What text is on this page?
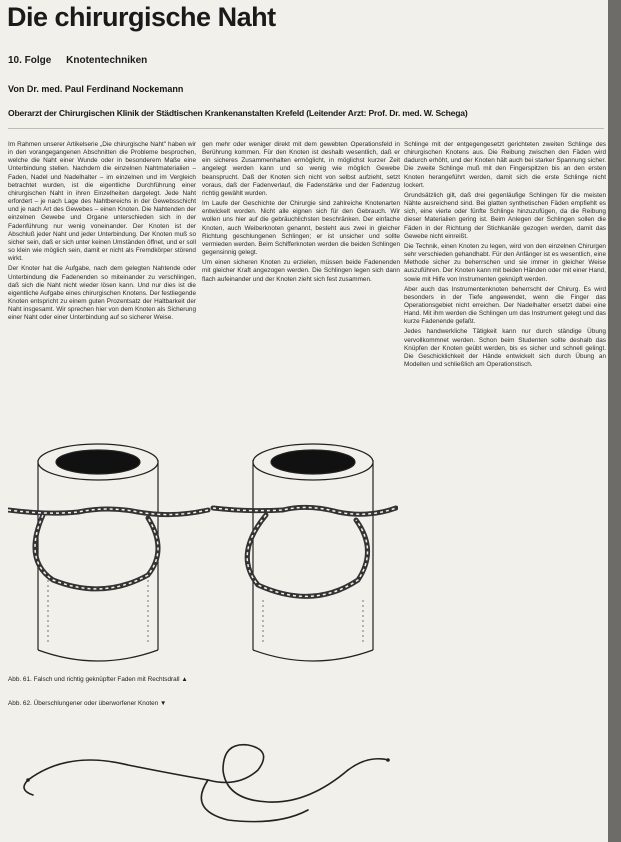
Die chirurgische Naht
10. Folge Knotentechniken
Von Dr. med. Paul Ferdinand Nockemann
Oberarzt der Chirurgischen Klinik der Städtischen Krankenanstalten Krefeld (Leitender Arzt: Prof. Dr. med. W. Schega)

Im Rahmen unserer Artikelserie „Die chirurgische Naht" haben wir in den vorangegangenen Abschnitten die Probleme besprochen, welche die Naht einer Wunde oder in besonderem Maße eine Unterbindung stellen. Nachdem die einzelnen Nahtmaterialien – Faden, Nadel und Nadelhalter – im einzelnen und im Vergleich betrachtet wurden, ist die eigentliche Durchführung einer chirurgischen Naht in ihren Einzelheiten dargelegt. Jede Naht erfordert – je nach Lage des Nahtbereichs in der Gewebsschicht und je nach Art des Gewebes – einen Knoten. Die Nahtenden der einzelnen Gewebe und Organe unterschieden sich in der Fadenführung nur wenig voneinander. Der Knoten ist der Abschluß jeder Naht und jeder Unterbindung. Der Knoten muß so sicher sein, daß er sich unter keinen Umständen öffnet, und er soll so klein wie möglich sein, damit er nicht als Fremdkörper störend wirkt.

Der Knoter hat die Aufgabe, nach dem gelegten Nahtende oder Unterbindung die Fadenenden so miteinander zu verschlingen, daß sich die Naht nicht wieder lösen kann. Und nur dies ist die eigentliche Aufgabe eines chirurgischen Knotens. Der festliegende Knoten entspricht zu einem guten Prozentsatz der Haltbarkeit der Naht insgesamt. Wir sprechen hier von dem Knoten als Sicherung einer Naht oder einer Unterbindung auf so sicherer Weise.

gen mehr oder weniger direkt mit dem gewebten Operationsfeld in Berührung kommen. Für den Knoten ist deshalb wesentlich, daß er ein sicheres Zusammenhalten ermöglicht, in möglichst kurzer Zeit angelegt werden kann und so wenig wie möglich Gewebe beansprucht. Daß der Knoten sich nicht von selbst aufzieht, setzt voraus, daß der Fadenverlauf, die Fadenstärke und der Fadenzug richtig gewählt wurden.

Im Laufe der Geschichte der Chirurgie sind zahlreiche Knotenarten entwickelt worden. Nicht alle eignen sich für den Gebrauch. Wir wollen uns hier auf die gebräuchlichsten beschränken. Der einfache Knoten, auch Weiberknoten genannt, besteht aus zwei in gleicher Richtung geschlungenen Schlingen; er ist unsicher und sollte vermieden werden. Beim Schifferknoten werden die beiden Schlingen gegensinnig gelegt.

Um einen sicheren Knoten zu erzielen, müssen beide Fadenenden mit gleicher Kraft angezogen werden. Die Schlingen legen sich dann flach aufeinander und der Knoten zieht sich fest zusammen.

Schlinge mit der entgegengesetzt gerichteten zweiten Schlinge des chirurgischen Knotens aus. Die Reibung zwischen den Fäden wird dadurch erhöht, und der Knoten hält auch bei starker Spannung sicher. Die zweite Schlinge muß mit den Fingerspitzen bis an den ersten Knoten herangeführt werden, damit sich die erste Schlinge nicht lockert.

Grundsätzlich gilt, daß drei gegenläufige Schlingen für die meisten Nähte ausreichend sind. Bei glatten synthetischen Fäden empfiehlt es sich, eine vierte oder fünfte Schlinge hinzuzufügen, da die Reibung dieser Materialien gering ist. Beim Anlegen der Schlingen sollen die Fäden in der Richtung der Stichkanäle gezogen werden, damit das Gewebe nicht einreißt.

Die Technik, einen Knoten zu legen, wird von den einzelnen Chirurgen sehr verschieden gehandhabt. Für den Anfänger ist es wesentlich, eine Methode sicher zu beherrschen und sie immer in gleicher Weise auszuführen. Der Knoten kann mit beiden Händen oder mit einer Hand, sowie mit Hilfe von Instrumenten geknüpft werden.

Aber auch das Instrumentenknoten beherrscht der Chirurg. Es wird besonders in der Tiefe angewendet, wenn die Finger das Operationsgebiet nicht erreichen. Der Nadelhalter ersetzt dabei eine Hand. Mit ihm werden die Schlingen um das Instrument gelegt und das kurze Fadenende gefaßt.

Jedes handwerkliche Tätigkeit kann nur durch ständige Übung vervollkommnet werden. Schon beim Studenten sollte deshalb das Knüpfen der Knoten geübt werden, bis es sicher und schnell gelingt. Die Geschicklichkeit der Hände entwickelt sich durch Übung an Modellen und schließlich am Operationstisch.

Abb. 61. Falsch und richtig geknüpfter Faden mit Rechtsdrall ▲
Abb. 62. Überschlungener oder überworfener Knoten ▼
